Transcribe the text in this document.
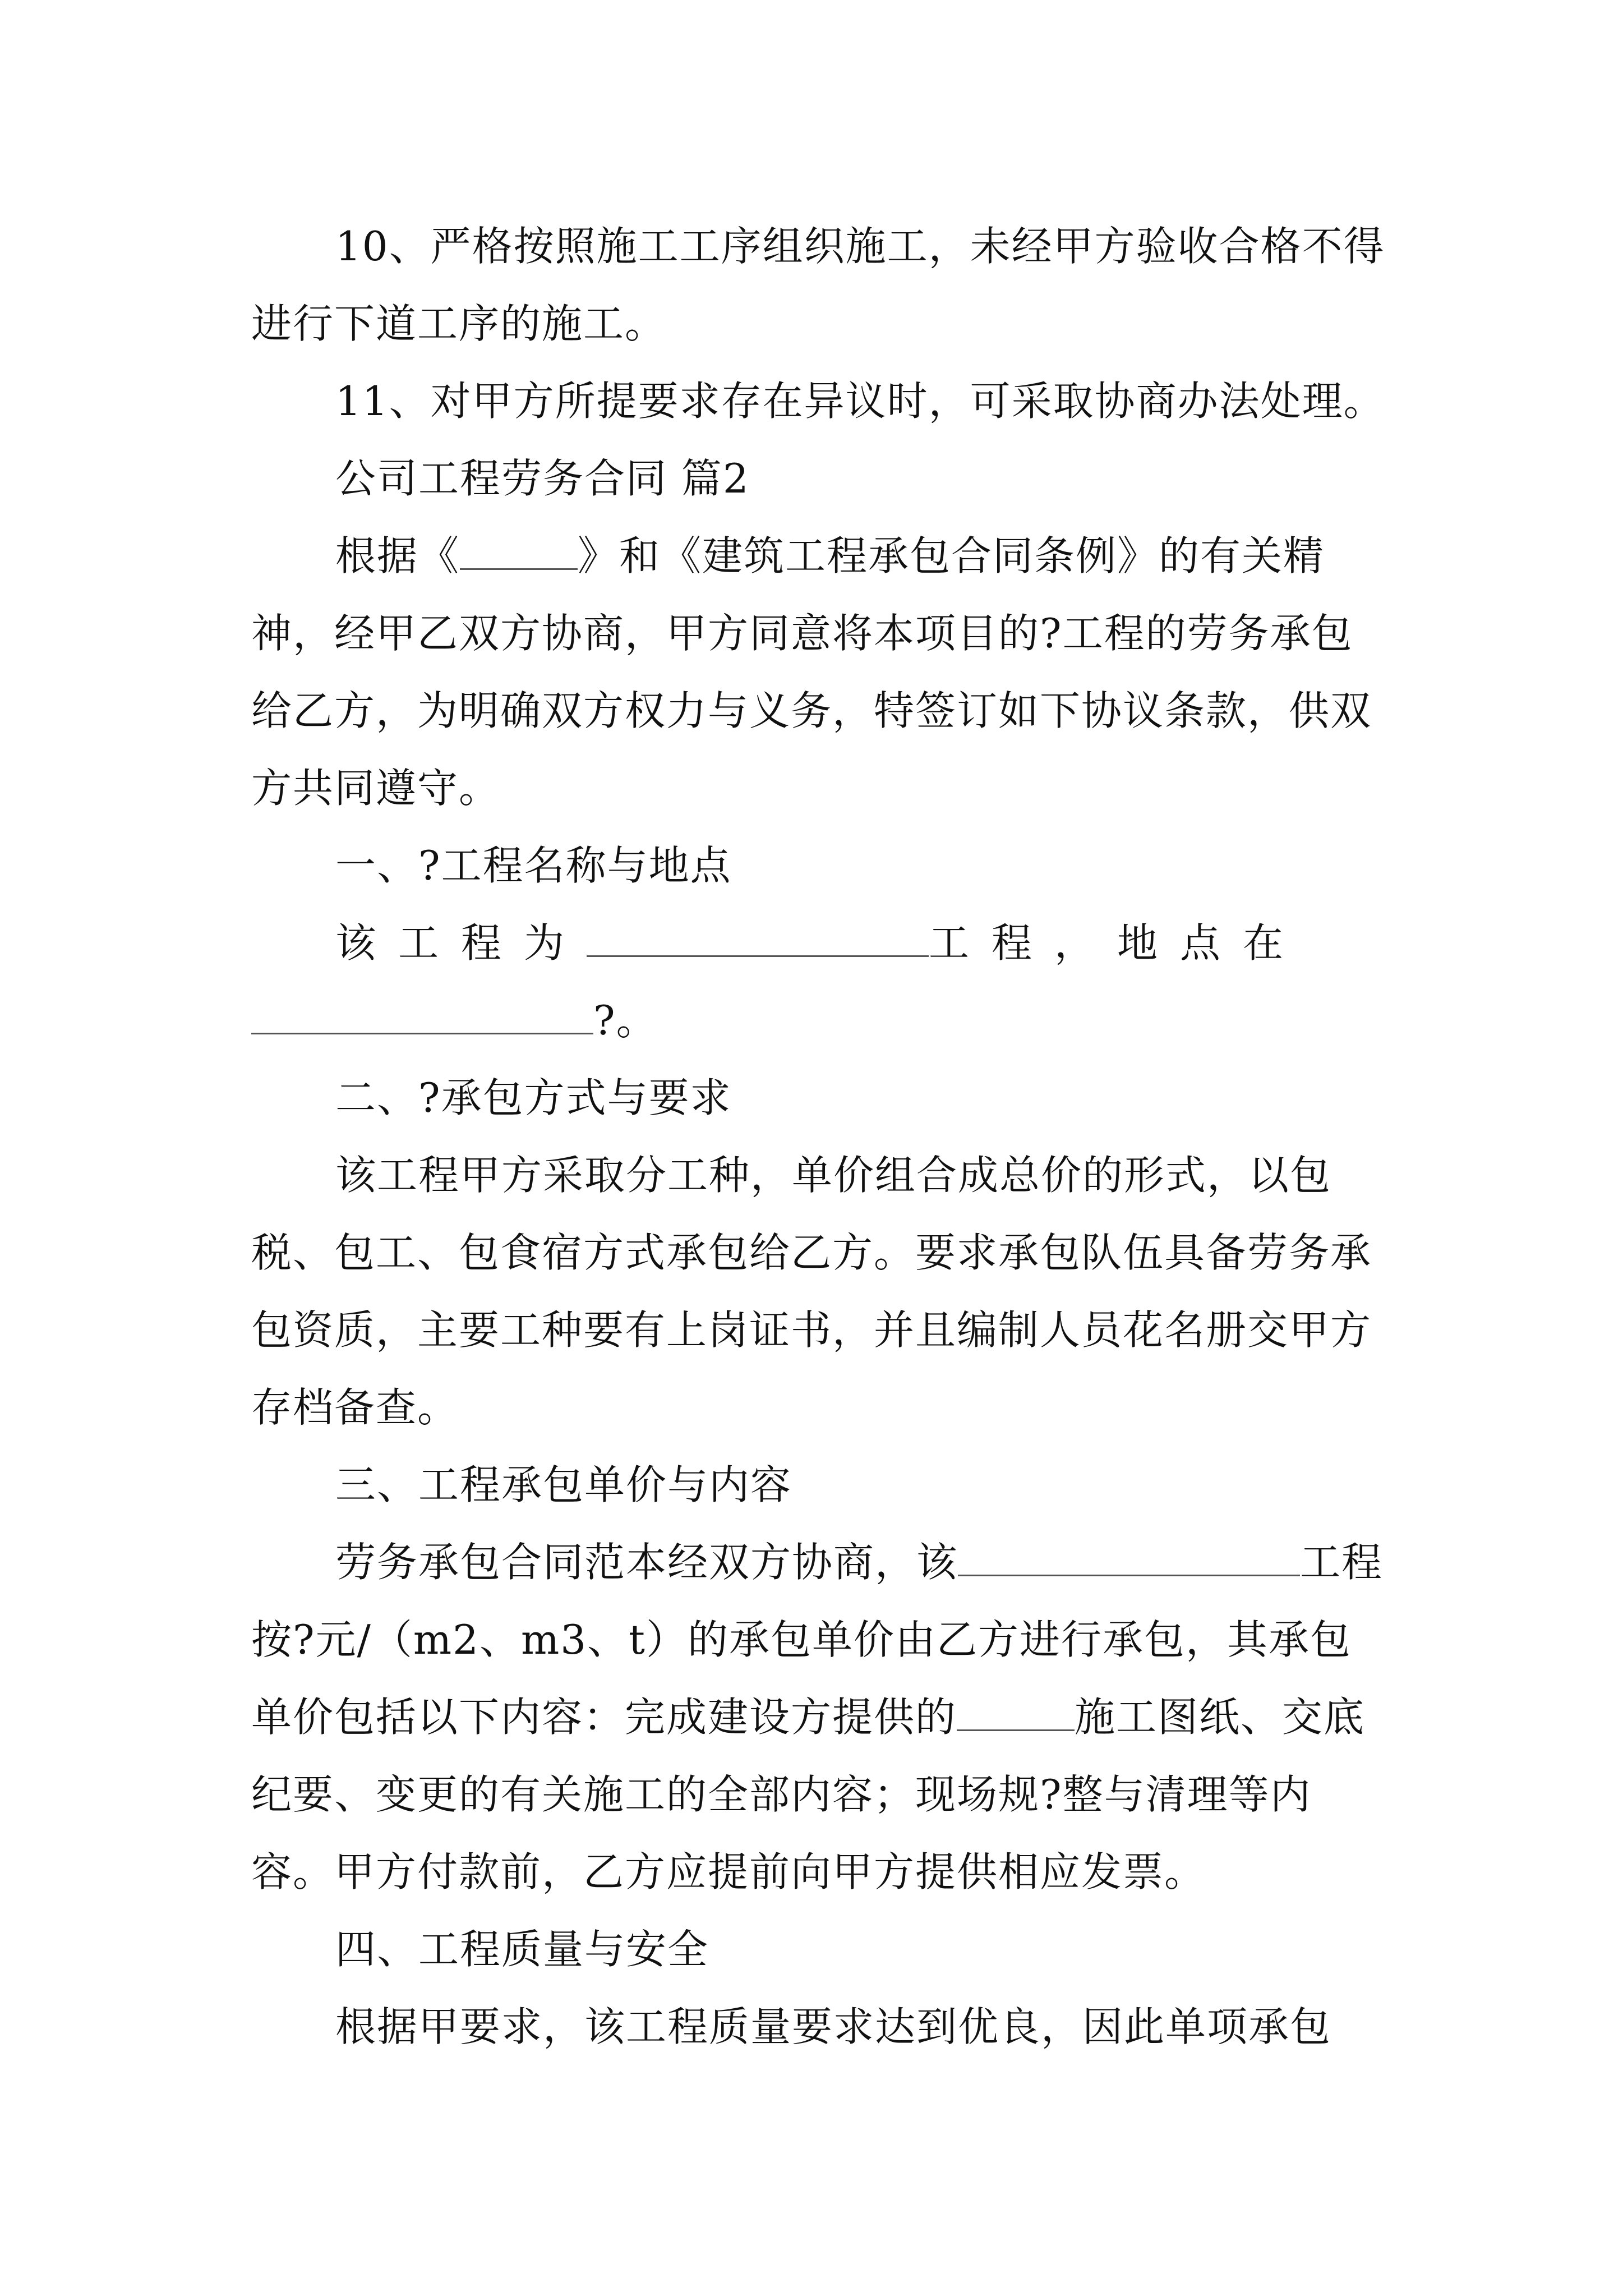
10、严格按照施工工序组织施工，未经甲方验收合格不得进行下道工序的施工。

11、对甲方所提要求存在异议时，可采取协商办法处理。

公司工程劳务合同 篇2

根据《	》和《建筑工程承包合同条例》的有关精神，经甲乙双方协商，甲方同意将本项目的?工程的劳务承包给乙方，为明确双方权力与义务，特签订如下协议条款，供双方共同遵守。

一、?工程名称与地点

该工程为	工程，地点在
?。

二、?承包方式与要求

该工程甲方采取分工种，单价组合成总价的形式，以包税、包工、包食宿方式承包给乙方。要求承包队伍具备劳务承包资质，主要工种要有上岗证书，并且编制人员花名册交甲方存档备查。

三、工程承包单价与内容

劳务承包合同范本经双方协商，该	工程按?元/（m2、m3、t）的承包单价由乙方进行承包，其承包单价包括以下内容：完成建设方提供的	施工图纸、交底纪要、变更的有关施工的全部内容；现场规?整与清理等内容。甲方付款前，乙方应提前向甲方提供相应发票。

四、工程质量与安全

根据甲要求，该工程质量要求达到优良，因此单项承包
